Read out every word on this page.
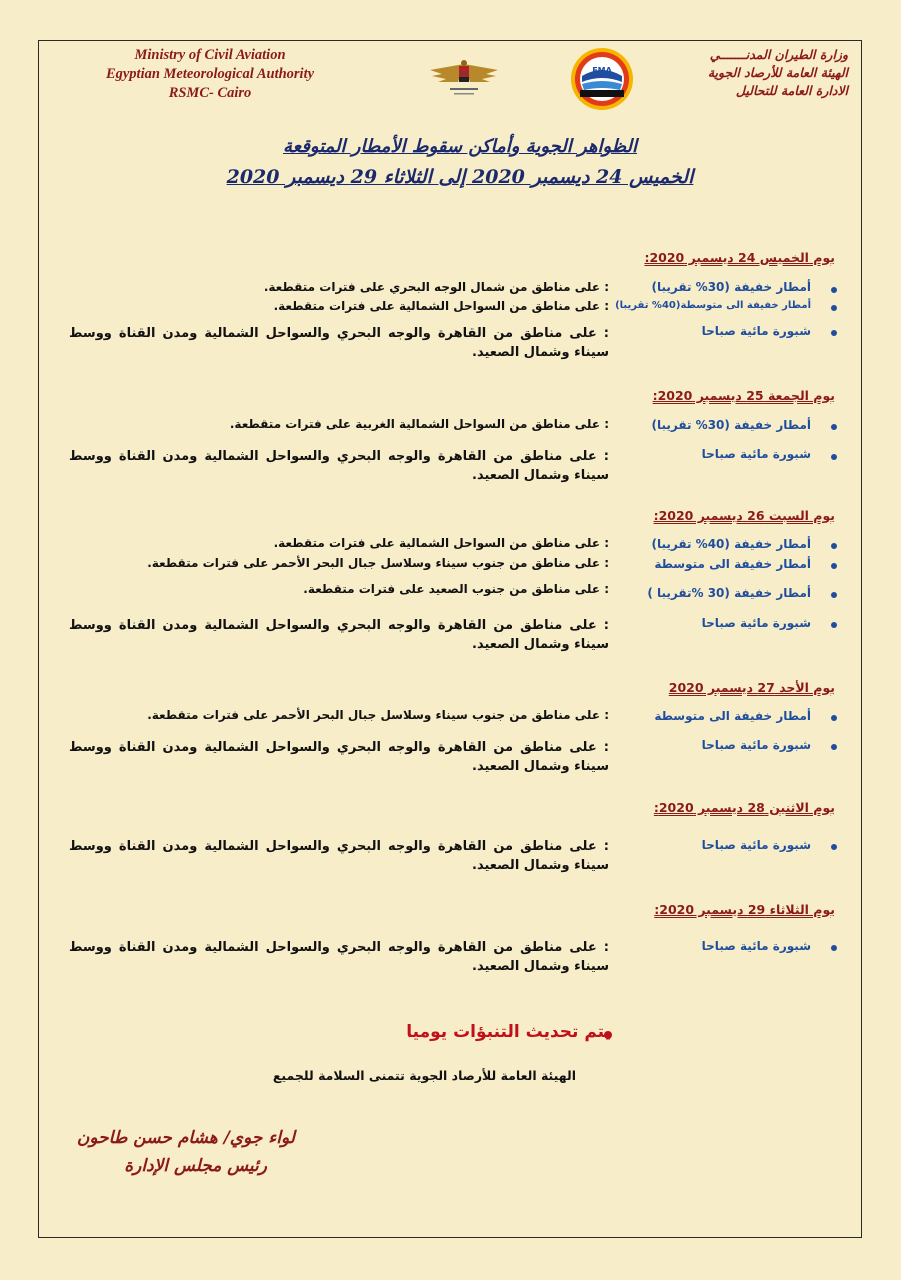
Ministry of Civil Aviation
Egyptian Meteorological Authority
RSMC- Cairo
EMA
وزارة الطيران المدنـــــــي
الهيئة العامة للأرصاد الجوية
الادارة العامة للتحاليل
الظواهر الجوية وأماكن سقوط الأمطار المتوقعة
الخميس 24 ديسمبر 2020 إلى الثلاثاء 29 ديسمبر 2020
يوم الخميس 24 ديسمبر 2020:
أمطار خفيفة (30% تقريبا)
: على مناطق من شمال الوجه البحري على فترات متقطعة.
أمطار خفيفة الى متوسطة(40% تقريبا)
: على مناطق من السواحل الشمالية على فترات متقطعة.
شبورة مائية صباحا
: على مناطق من القاهرة والوجه البحري والسواحل الشمالية ومدن القناة ووسط سيناء وشمال الصعيد.
يوم الجمعة 25 ديسمبر 2020:
أمطار خفيفة (30% تقريبا)
: على مناطق من السواحل الشمالية الغربية على فترات متقطعة.
شبورة مائية صباحا
: على مناطق من القاهرة والوجه البحري والسواحل الشمالية ومدن القناة ووسط سيناء وشمال الصعيد.
يوم السبت 26 ديسمبر 2020:
أمطار خفيفة (40% تقريبا)
: على مناطق من السواحل الشمالية على فترات متقطعة.
أمطار خفيفة الى متوسطة
: على مناطق من جنوب سيناء وسلاسل جبال البحر الأحمر على فترات متقطعة.
أمطار خفيفة (30 %تقريبا )
: على مناطق من جنوب الصعيد على فترات متقطعة.
شبورة مائية صباحا
: على مناطق من القاهرة والوجه البحري والسواحل الشمالية ومدن القناة ووسط سيناء وشمال الصعيد.
يوم الأحد 27 ديسمبر 2020
أمطار خفيفة الى متوسطة
: على مناطق من جنوب سيناء وسلاسل جبال البحر الأحمر على فترات متقطعة.
شبورة مائية صباحا
: على مناطق من القاهرة والوجه البحري والسواحل الشمالية ومدن القناة ووسط سيناء وشمال الصعيد.
يوم الاثنين 28 ديسمبر 2020:
شبورة مائية صباحا
: على مناطق من القاهرة والوجه البحري والسواحل الشمالية ومدن القناة ووسط سيناء وشمال الصعيد.
يوم الثلاثاء 29 ديسمبر 2020:
شبورة مائية صباحا
: على مناطق من القاهرة والوجه البحري والسواحل الشمالية ومدن القناة ووسط سيناء وشمال الصعيد.
يتم تحديث التنبؤات يوميا
الهيئة العامة للأرصاد الجوية تتمنى السلامة للجميع
لواء جوي/ هشام حسن طاحون
رئيس مجلس الإدارة
